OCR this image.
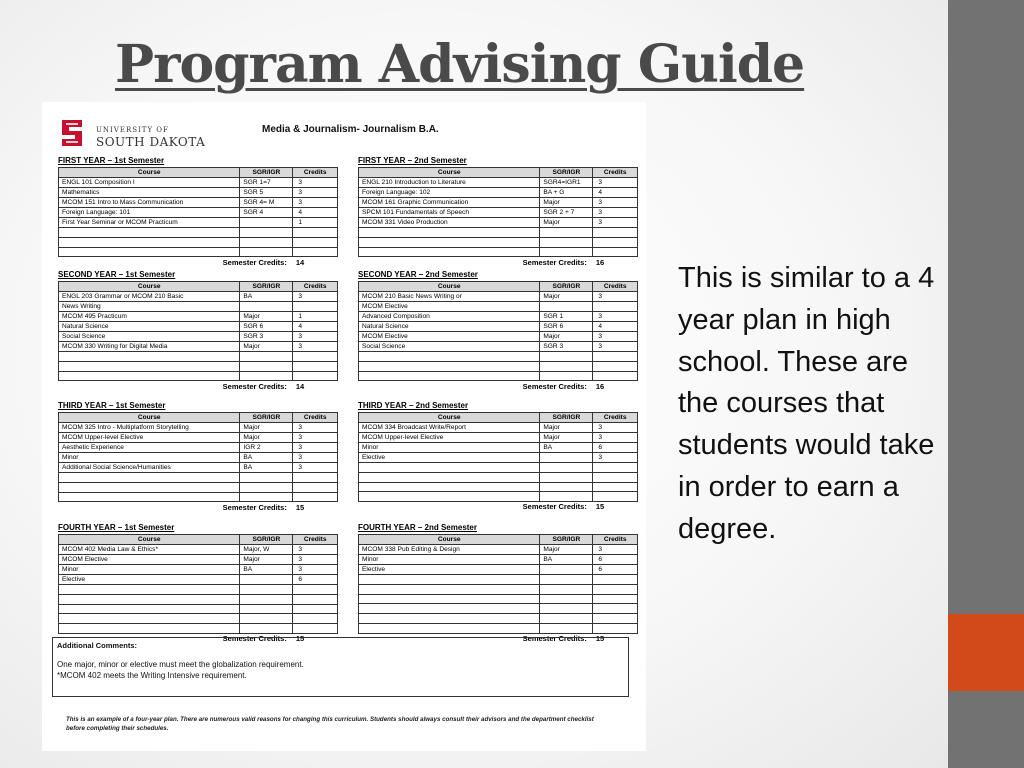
Program Advising Guide
UNIVERSITY OF
SOUTH DAKOTA
Media & Journalism- Journalism B.A.
FIRST YEAR – 1st Semester
Course	SGR/IGR	Credits
ENGL 101 Composition I	SGR 1=7	3
Mathematics	SGR 5	3
MCOM 151 Intro to Mass Communication	SGR 4= M	3
Foreign Language: 101	SGR 4	4
First Year Seminar or MCOM Practicum		1

Semester Credits:		14
FIRST YEAR – 2nd Semester
Course	SGR/IGR	Credits
ENGL 210 Introduction to Literature	SGR4=IGR1	3
Foreign Language: 102	BA + G	4
MCOM 161 Graphic Communication	Major	3
SPCM 101 Fundamentals of Speech	SGR 2 + 7	3
MCOM 331 Video Production	Major	3

Semester Credits:		16
SECOND YEAR – 1st Semester
Course	SGR/IGR	Credits
ENGL 203 Grammar or MCOM 210 Basic	BA	3
News Writing		
MCOM 495 Practicum	Major	1
Natural Science	SGR 6	4
Social Science	SGR 3	3
MCOM 330 Writing for Digital Media	Major	3

Semester Credits:		14
SECOND YEAR – 2nd Semester
Course	SGR/IGR	Credits
MCOM 210 Basic News Writing or	Major	3
MCOM Elective		
Advanced Composition	SGR 1	3
Natural Science	SGR 6	4
MCOM Elective	Major	3
Social Science	SGR 3	3

Semester Credits:		16
THIRD YEAR – 1st Semester
Course	SGR/IGR	Credits
MCOM 325 Intro - Multiplatform Storytelling	Major	3
MCOM Upper-level Elective	Major	3
Aesthetic Experience	IGR 2	3
Minor	BA	3
Additional Social Science/Humanities	BA	3

Semester Credits:		15
THIRD YEAR – 2nd Semester
Course	SGR/IGR	Credits
MCOM 334 Broadcast Write/Report	Major	3
MCOM Upper-level Elective	Major	3
Minor	BA	6
Elective		3

Semester Credits:		15
FOURTH YEAR – 1st Semester
Course	SGR/IGR	Credits
MCOM 402 Media Law & Ethics*	Major, W	3
MCOM Elective	Major	3
Minor	BA	3
Elective		6

Semester Credits:		15
FOURTH YEAR – 2nd Semester
Course	SGR/IGR	Credits
MCOM 338 Pub Editing & Design	Major	3
Minor	BA	6
Elective		6

Semester Credits:		15
Additional Comments:
One major, minor or elective must meet the globalization requirement.
*MCOM 402 meets the Writing Intensive requirement.
This is an example of a four-year plan. There are numerous valid reasons for changing this curriculum. Students should always consult their advisors and the department checklist before completing their schedules.
This is similar to a 4 year plan in high school. These are the courses that students would take in order to earn a degree.
